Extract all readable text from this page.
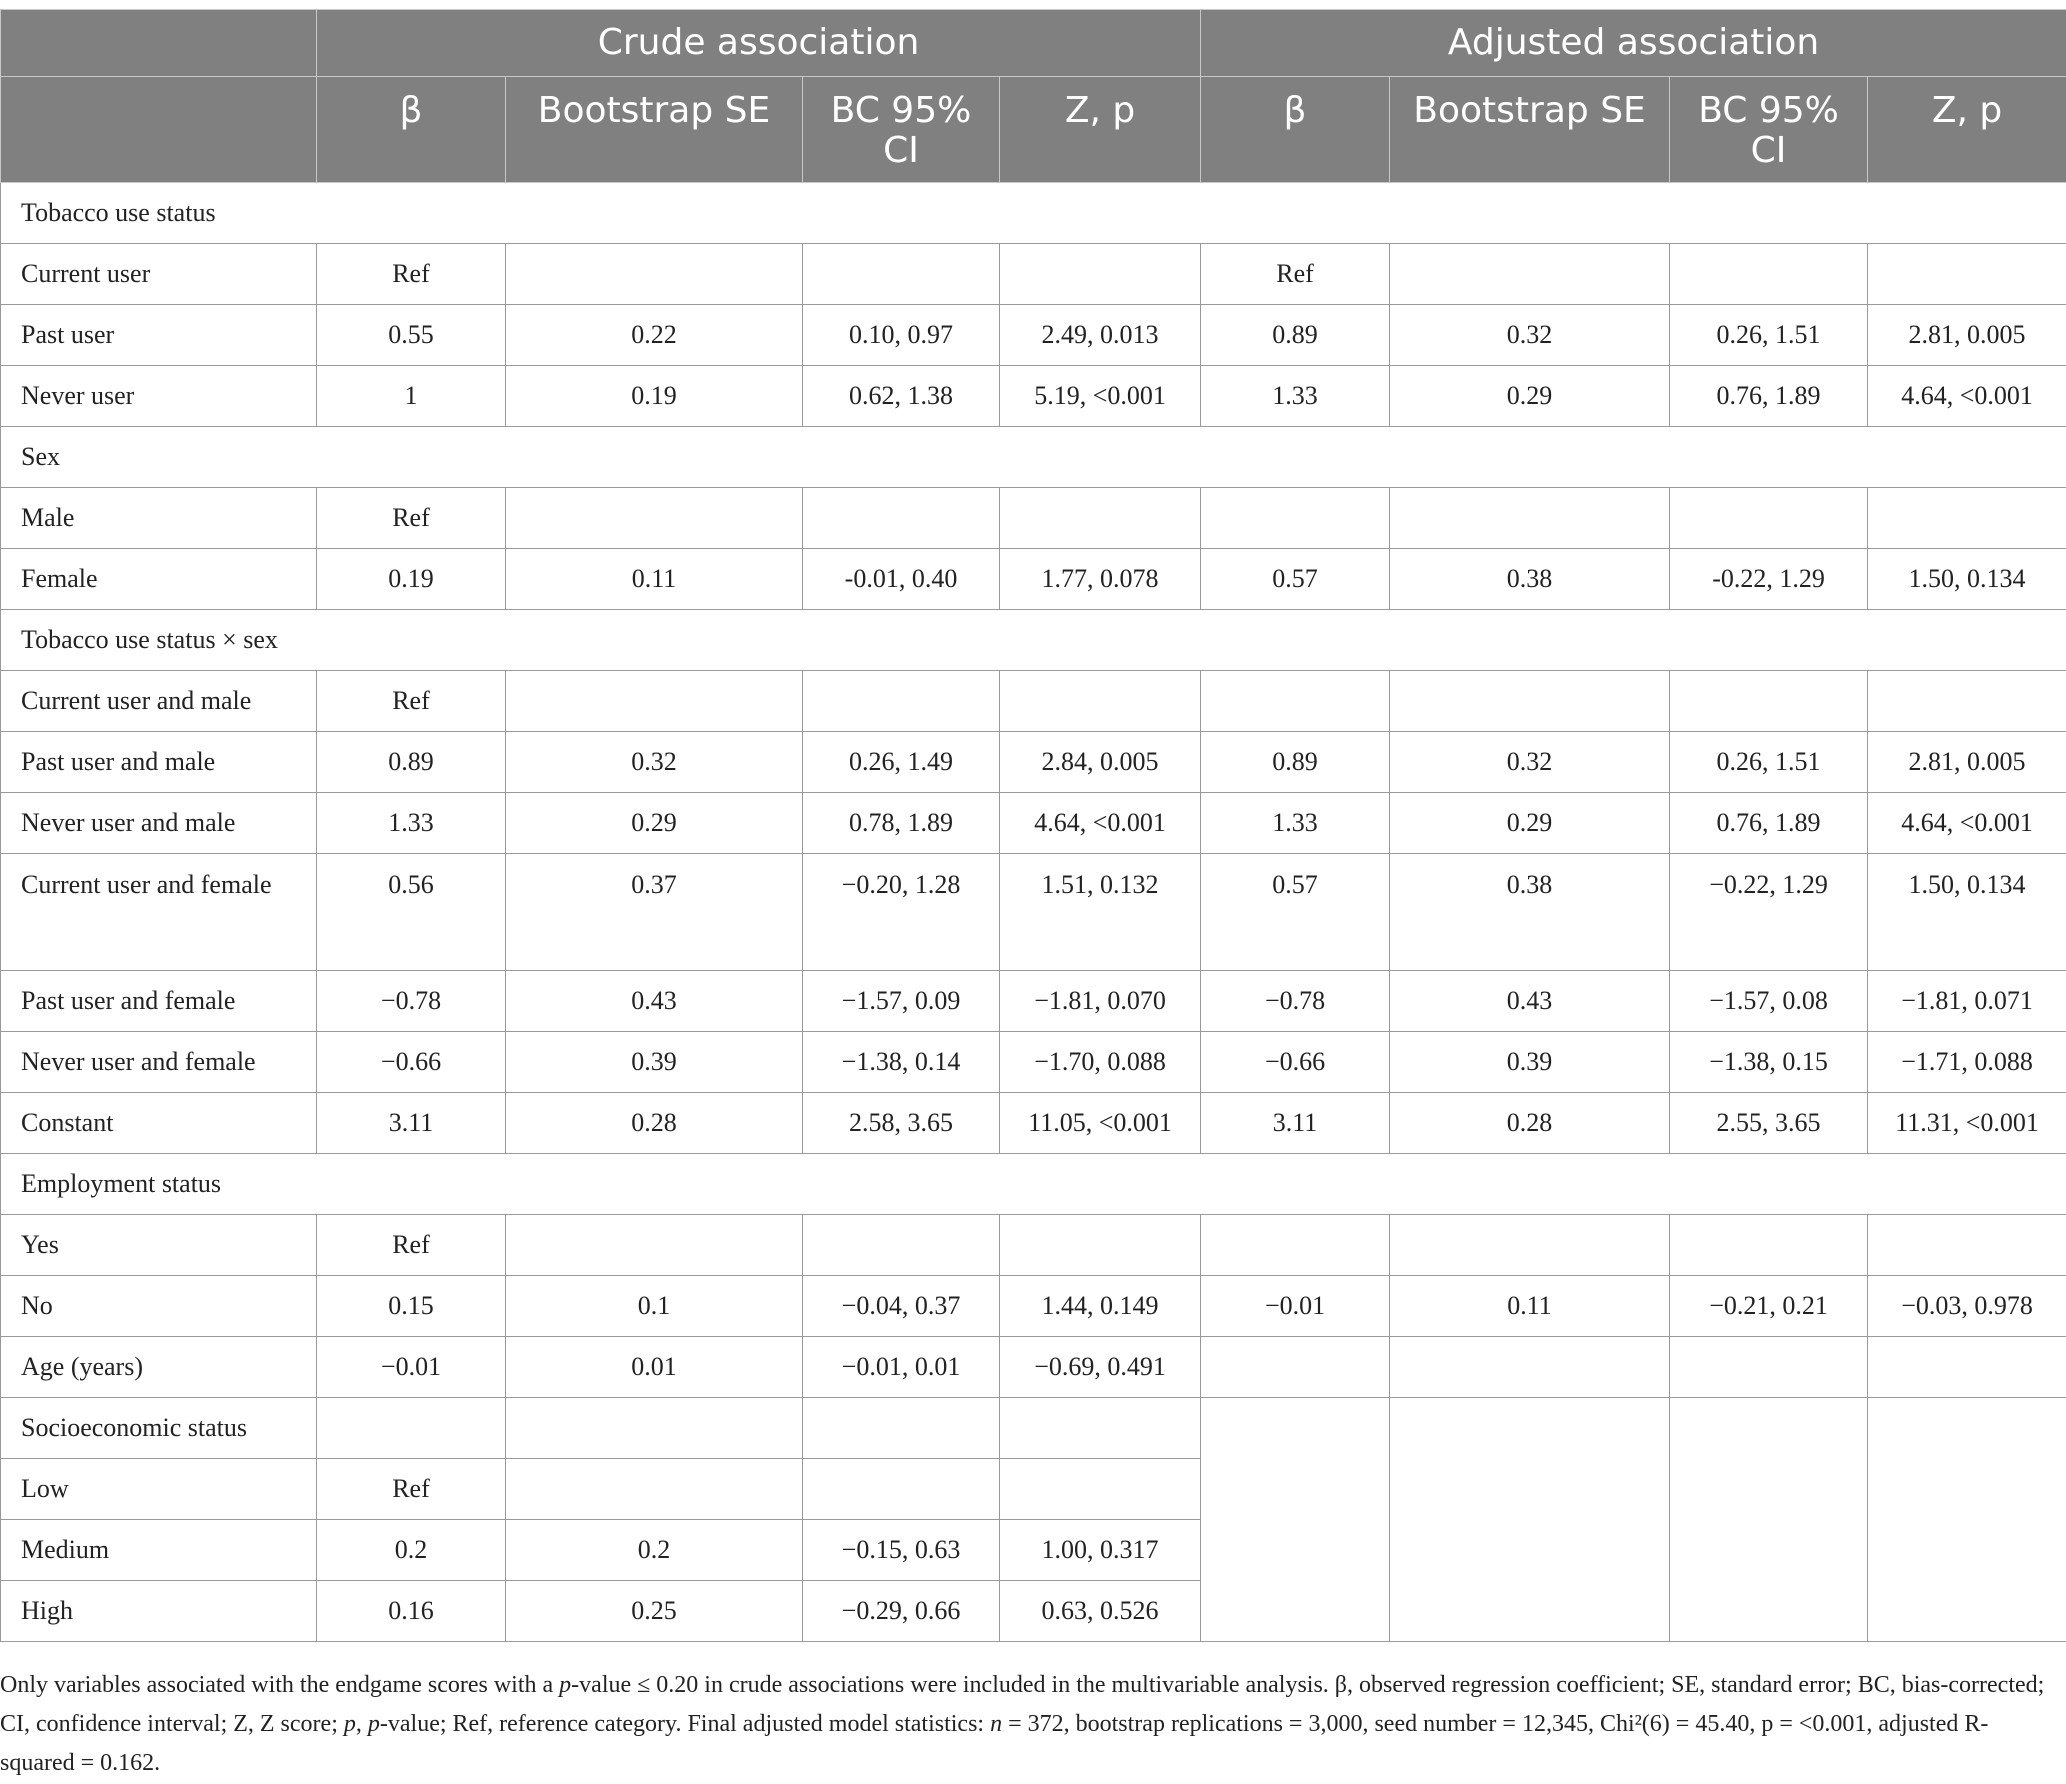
	Crude association				Adjusted association			
	β	Bootstrap SE	BC 95% CI	Z, p	β	Bootstrap SE	BC 95% CI	Z, p
Tobacco use status								
Current user	Ref				Ref			
Past user	0.55	0.22	0.10, 0.97	2.49, 0.013	0.89	0.32	0.26, 1.51	2.81, 0.005
Never user	1	0.19	0.62, 1.38	5.19, <0.001	1.33	0.29	0.76, 1.89	4.64, <0.001
Sex								
Male	Ref							
Female	0.19	0.11	-0.01, 0.40	1.77, 0.078	0.57	0.38	-0.22, 1.29	1.50, 0.134
Tobacco use status × sex								
Current user and male	Ref							
Past user and male	0.89	0.32	0.26, 1.49	2.84, 0.005	0.89	0.32	0.26, 1.51	2.81, 0.005
Never user and male	1.33	0.29	0.78, 1.89	4.64, <0.001	1.33	0.29	0.76, 1.89	4.64, <0.001
Current user and female	0.56	0.37	−0.20, 1.28	1.51, 0.132	0.57	0.38	−0.22, 1.29	1.50, 0.134
Past user and female	−0.78	0.43	−1.57, 0.09	−1.81, 0.070	−0.78	0.43	−1.57, 0.08	−1.81, 0.071
Never user and female	−0.66	0.39	−1.38, 0.14	−1.70, 0.088	−0.66	0.39	−1.38, 0.15	−1.71, 0.088
Constant	3.11	0.28	2.58, 3.65	11.05, <0.001	3.11	0.28	2.55, 3.65	11.31, <0.001
Employment status								
Yes	Ref							
No	0.15	0.1	−0.04, 0.37	1.44, 0.149	−0.01	0.11	−0.21, 0.21	−0.03, 0.978
Age (years)	−0.01	0.01	−0.01, 0.01	−0.69, 0.491				
Socioeconomic status								
Low	Ref							
Medium	0.2	0.2	−0.15, 0.63	1.00, 0.317				
High	0.16	0.25	−0.29, 0.66	0.63, 0.526				
Only variables associated with the endgame scores with a p-value ≤ 0.20 in crude associations were included in the multivariable analysis. β, observed regression coefficient; SE, standard error; BC, bias-corrected; CI, confidence interval; Z, Z score; p, p-value; Ref, reference category. Final adjusted model statistics: n = 372, bootstrap replications = 3,000, seed number = 12,345, Chi²(6) = 45.40, p = <0.001, adjusted R-squared = 0.162.
